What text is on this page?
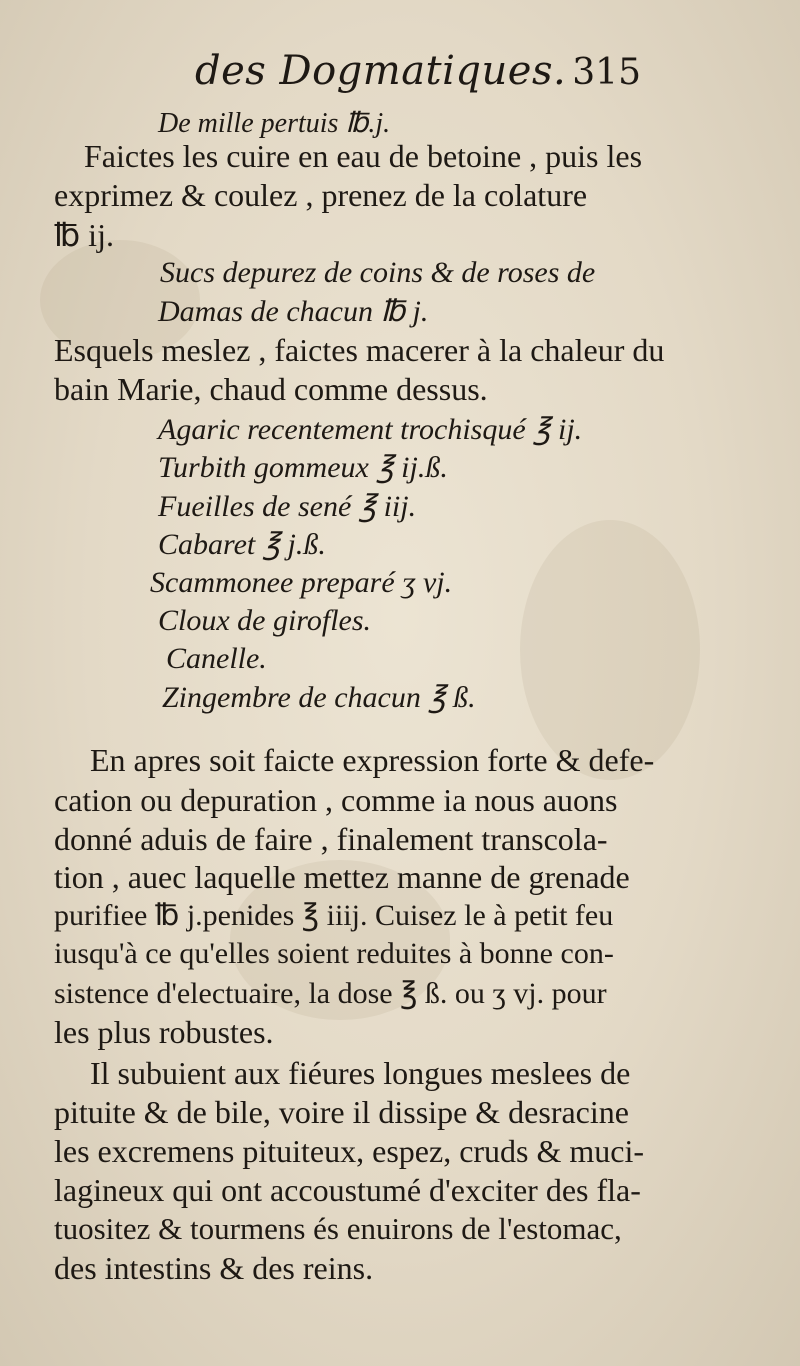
des Dogmatiques. 315
De mille pertuis ℔.j.
Faictes les cuire en eau de betoine , puis les
exprimez & coulez , prenez de la colature
℔ ij.
Sucs depurez de coins & de roses de
Damas de chacun ℔ j.
Esquels meslez , faictes macerer à la chaleur du
bain Marie, chaud comme dessus.
Agaric recentement trochisqué ℥ ij.
Turbith gommeux ℥ ij.ß.
Fueilles de sené ℥ iij.
Cabaret ℥ j.ß.
Scammonee preparé ʒ vj.
Cloux de girofles.
Canelle.
Zingembre de chacun ℥ ß.
En apres soit faicte expression forte & defe-
cation ou depuration , comme ia nous auons
donné aduis de faire , finalement transcola-
tion , auec laquelle mettez manne de grenade
purifiee ℔ j.penides ℥ iiij. Cuisez le à petit feu
iusqu'à ce qu'elles soient reduites à bonne con-
sistence d'electuaire, la dose ℥ ß. ou ʒ vj. pour
les plus robustes.
Il subuient aux fiéures longues meslees de
pituite & de bile, voire il dissipe & desracine
les excremens pituiteux, espez, cruds & muci-
lagineux qui ont accoustumé d'exciter des fla-
tuositez & tourmens és enuirons de l'estomac,
des intestins & des reins.
